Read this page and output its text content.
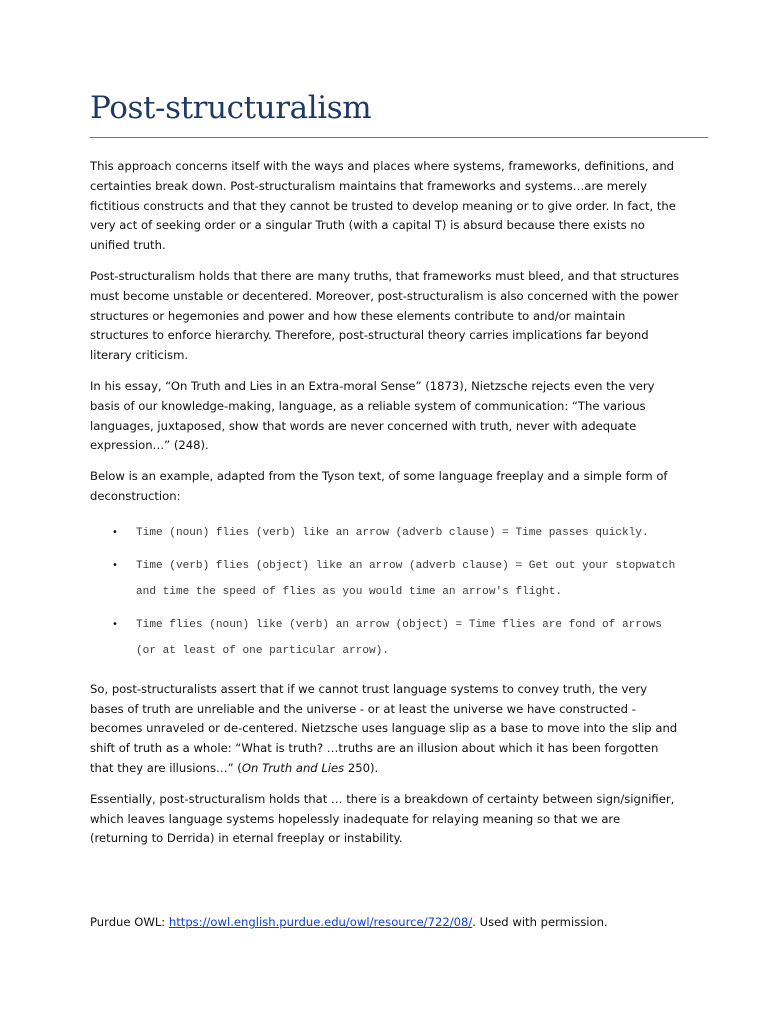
Post-structuralism

This approach concerns itself with the ways and places where systems, frameworks, definitions, and certainties break down. Post-structuralism maintains that frameworks and systems…are merely fictitious constructs and that they cannot be trusted to develop meaning or to give order. In fact, the very act of seeking order or a singular Truth (with a capital T) is absurd because there exists no unified truth.

Post-structuralism holds that there are many truths, that frameworks must bleed, and that structures must become unstable or decentered. Moreover, post-structuralism is also concerned with the power structures or hegemonies and power and how these elements contribute to and/or maintain structures to enforce hierarchy. Therefore, post-structural theory carries implications far beyond literary criticism.

In his essay, “On Truth and Lies in an Extra-moral Sense” (1873), Nietzsche rejects even the very basis of our knowledge-making, language, as a reliable system of communication: “The various languages, juxtaposed, show that words are never concerned with truth, never with adequate expression…” (248).

Below is an example, adapted from the Tyson text, of some language freeplay and a simple form of deconstruction:

• Time (noun) flies (verb) like an arrow (adverb clause) = Time passes quickly.
• Time (verb) flies (object) like an arrow (adverb clause) = Get out your stopwatch and time the speed of flies as you would time an arrow's flight.
• Time flies (noun) like (verb) an arrow (object) = Time flies are fond of arrows (or at least of one particular arrow).

So, post-structuralists assert that if we cannot trust language systems to convey truth, the very bases of truth are unreliable and the universe - or at least the universe we have constructed - becomes unraveled or de-centered. Nietzsche uses language slip as a base to move into the slip and shift of truth as a whole: “What is truth? …truths are an illusion about which it has been forgotten that they are illusions…” (On Truth and Lies 250).

Essentially, post-structuralism holds that … there is a breakdown of certainty between sign/signifier, which leaves language systems hopelessly inadequate for relaying meaning so that we are (returning to Derrida) in eternal freeplay or instability.

Purdue OWL: https://owl.english.purdue.edu/owl/resource/722/08/. Used with permission.
